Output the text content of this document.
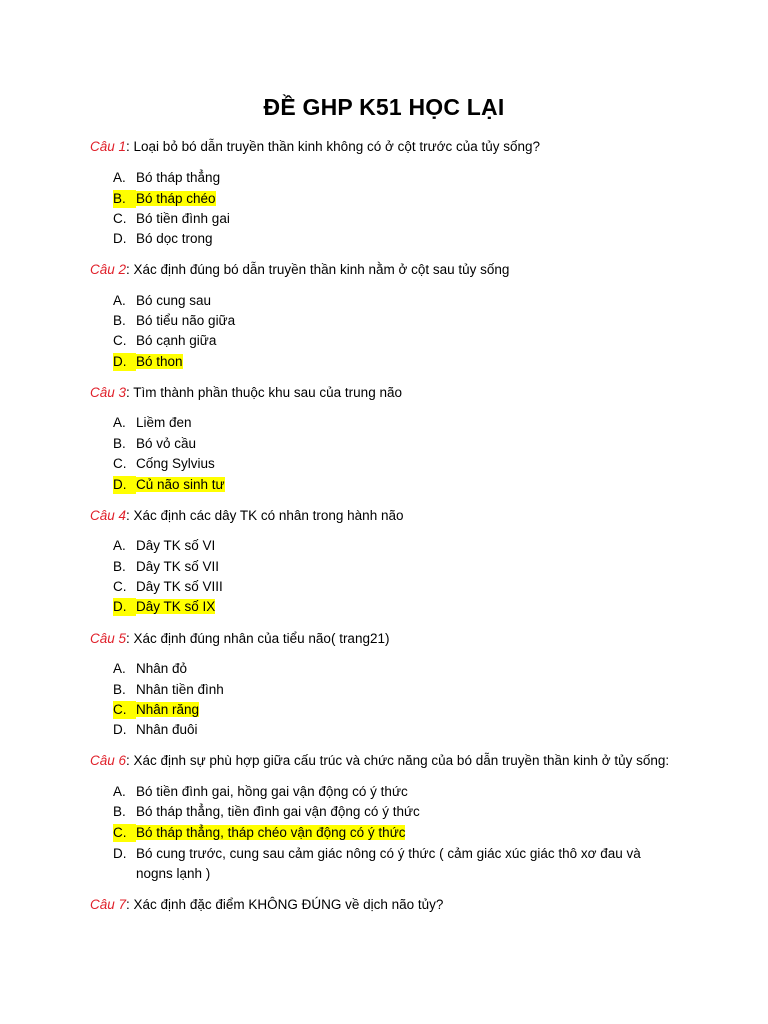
ĐỀ GHP K51 HỌC LẠI
Câu 1: Loại bỏ bó dẫn truyền thần kinh không có ở cột trước của tủy sống?
A. Bó tháp thẳng
B. Bó tháp chéo
C. Bó tiền đình gai
D. Bó dọc trong
Câu 2: Xác định đúng bó dẫn truyền thần kinh nằm ở cột sau tủy sống
A. Bó cung sau
B. Bó tiểu não giữa
C. Bó cạnh giữa
D. Bó thon
Câu 3: Tìm thành phần thuộc khu sau của trung não
A. Liềm đen
B. Bó vỏ cầu
C. Cống Sylvius
D. Củ não sinh tư
Câu 4: Xác định các dây TK có nhân trong hành não
A. Dây TK số VI
B. Dây TK số VII
C. Dây TK số VIII
D. Dây TK số IX
Câu 5: Xác định đúng nhân của tiểu não( trang21)
A. Nhân đỏ
B. Nhân tiền đình
C. Nhân răng
D. Nhân đuôi
Câu 6: Xác định sự phù hợp giữa cấu trúc và chức năng của bó dẫn truyền thần kinh ở tủy sống:
A. Bó tiền đình gai, hồng gai vận động có ý thức
B. Bó tháp thẳng, tiền đình gai vận động có ý thức
C. Bó tháp thẳng, tháp chéo vận động có ý thức
D. Bó cung trước, cung sau cảm giác nông có ý thức ( cảm giác xúc giác thô xơ đau và nogns lạnh )
Câu 7: Xác định đặc điểm KHÔNG ĐÚNG về dịch não tủy?
